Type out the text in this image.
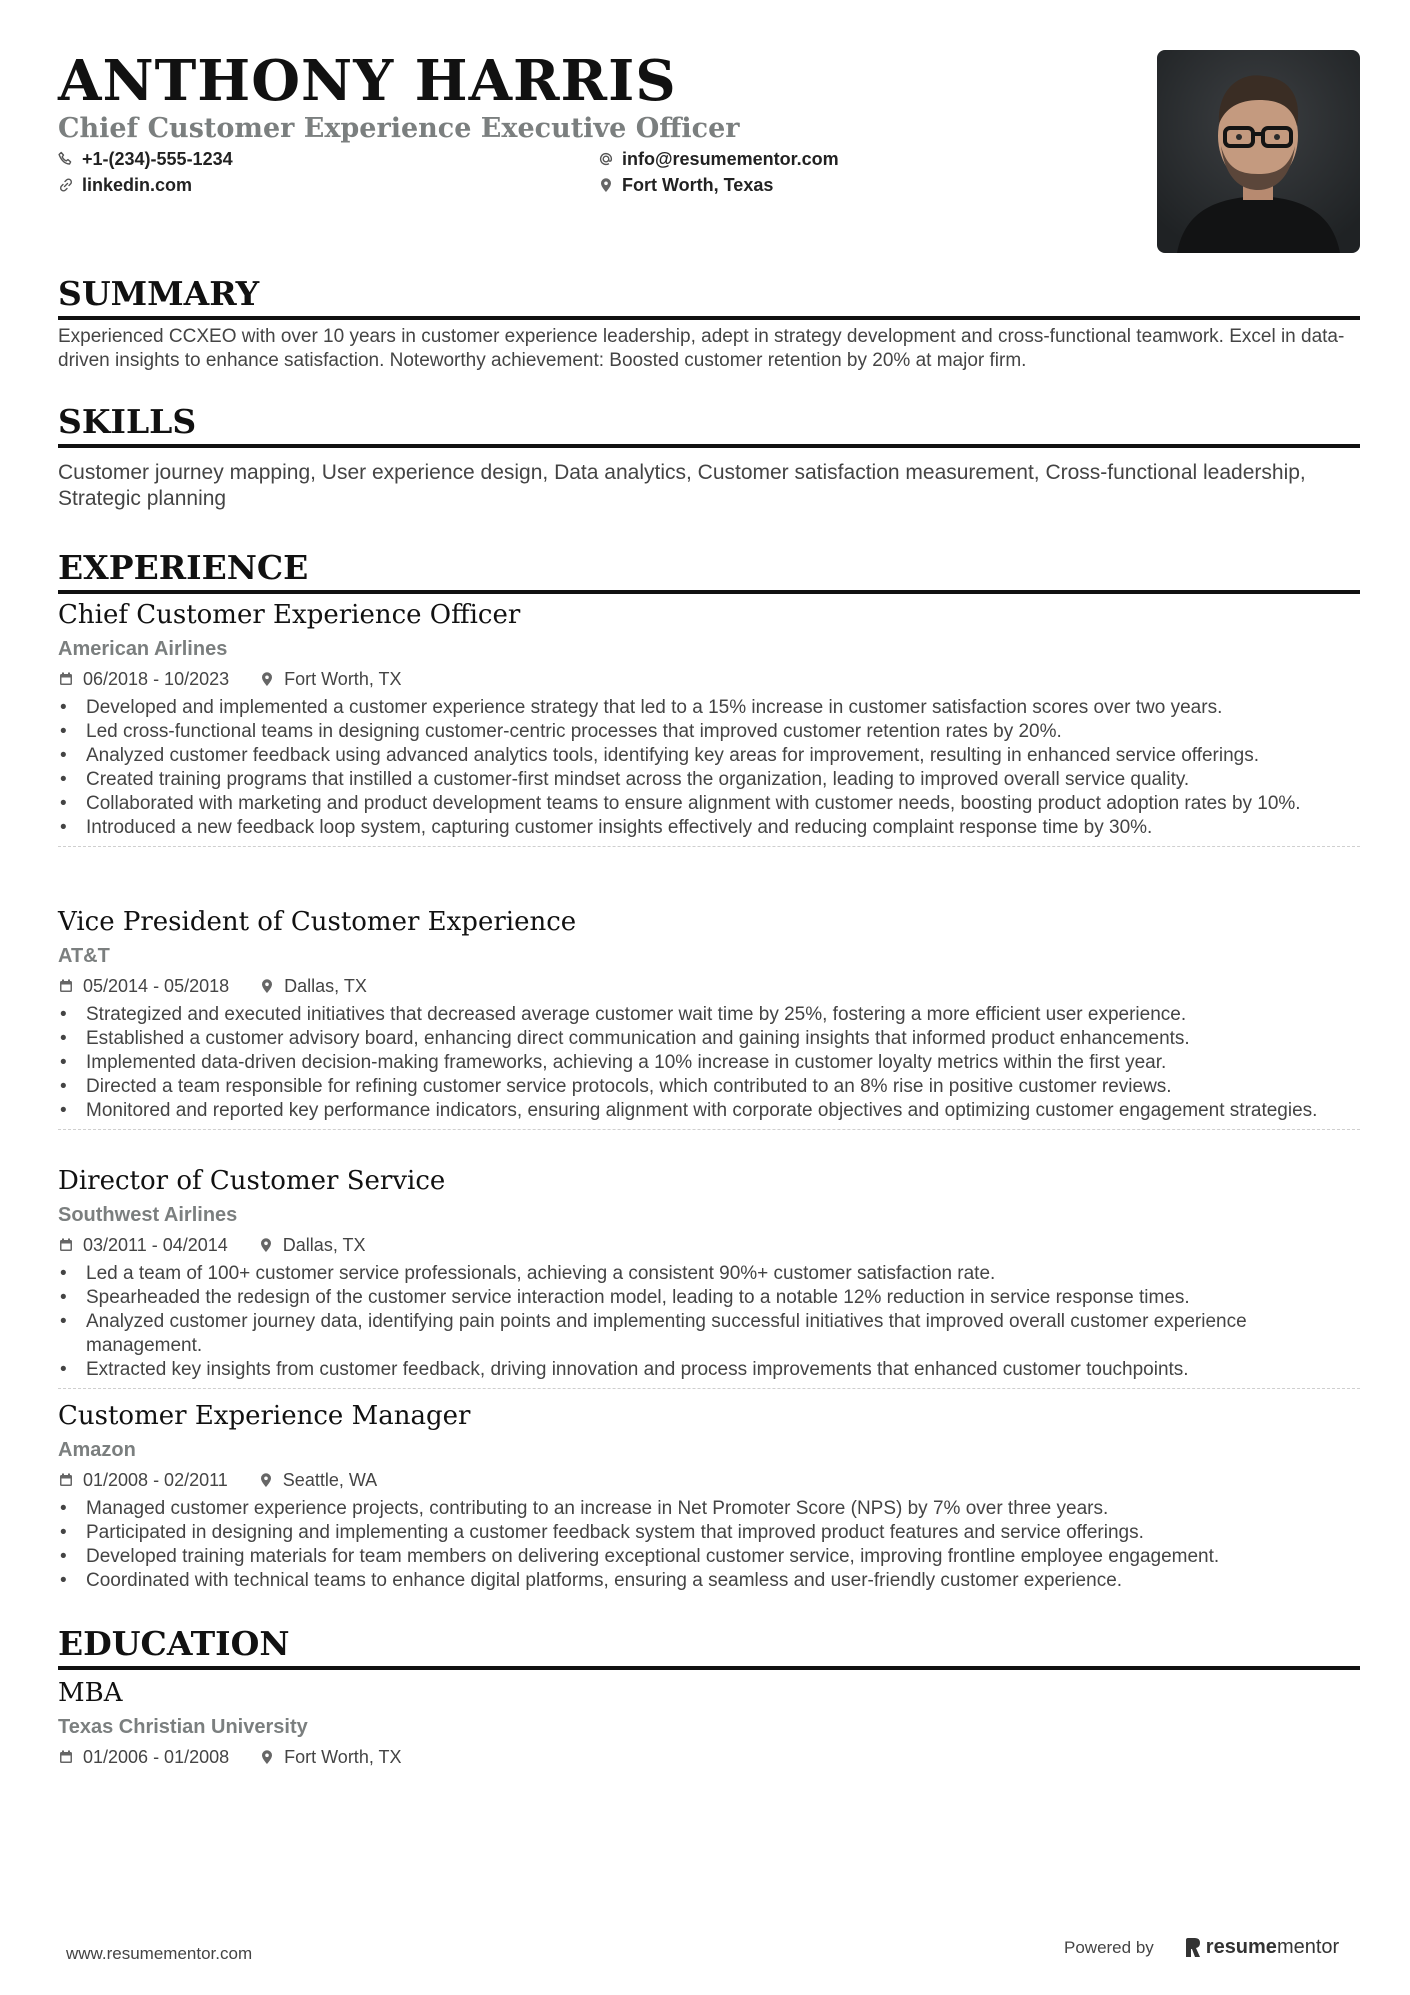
ANTHONY HARRIS
Chief Customer Experience Executive Officer
+1-(234)-555-1234	info@resumementor.com
linkedin.com	Fort Worth, Texas
SUMMARY

Experienced CCXEO with over 10 years in customer experience leadership, adept in strategy development and cross-functional teamwork. Excel in data-driven insights to enhance satisfaction. Noteworthy achievement: Boosted customer retention by 20% at major firm.

SKILLS

Customer journey mapping, User experience design, Data analytics, Customer satisfaction measurement, Cross-functional leadership, Strategic planning

EXPERIENCE
Chief Customer Experience Officer
American Airlines
06/2018 - 10/2023	Fort Worth, TX
• Developed and implemented a customer experience strategy that led to a 15% increase in customer satisfaction scores over two years.
• Led cross-functional teams in designing customer-centric processes that improved customer retention rates by 20%.
• Analyzed customer feedback using advanced analytics tools, identifying key areas for improvement, resulting in enhanced service offerings.
• Created training programs that instilled a customer-first mindset across the organization, leading to improved overall service quality.
• Collaborated with marketing and product development teams to ensure alignment with customer needs, boosting product adoption rates by 10%.
• Introduced a new feedback loop system, capturing customer insights effectively and reducing complaint response time by 30%.
Vice President of Customer Experience
AT&T
05/2014 - 05/2018	Dallas, TX
• Strategized and executed initiatives that decreased average customer wait time by 25%, fostering a more efficient user experience.
• Established a customer advisory board, enhancing direct communication and gaining insights that informed product enhancements.
• Implemented data-driven decision-making frameworks, achieving a 10% increase in customer loyalty metrics within the first year.
• Directed a team responsible for refining customer service protocols, which contributed to an 8% rise in positive customer reviews.
• Monitored and reported key performance indicators, ensuring alignment with corporate objectives and optimizing customer engagement strategies.
Director of Customer Service
Southwest Airlines
03/2011 - 04/2014	Dallas, TX
• Led a team of 100+ customer service professionals, achieving a consistent 90%+ customer satisfaction rate.
• Spearheaded the redesign of the customer service interaction model, leading to a notable 12% reduction in service response times.
• Analyzed customer journey data, identifying pain points and implementing successful initiatives that improved overall customer experience management.
• Extracted key insights from customer feedback, driving innovation and process improvements that enhanced customer touchpoints.
Customer Experience Manager
Amazon
01/2008 - 02/2011	Seattle, WA
• Managed customer experience projects, contributing to an increase in Net Promoter Score (NPS) by 7% over three years.
• Participated in designing and implementing a customer feedback system that improved product features and service offerings.
• Developed training materials for team members on delivering exceptional customer service, improving frontline employee engagement.
• Coordinated with technical teams to enhance digital platforms, ensuring a seamless and user-friendly customer experience.
EDUCATION
MBA
Texas Christian University
01/2006 - 01/2008	Fort Worth, TX
www.resumementor.com	Powered by	resume mentor
